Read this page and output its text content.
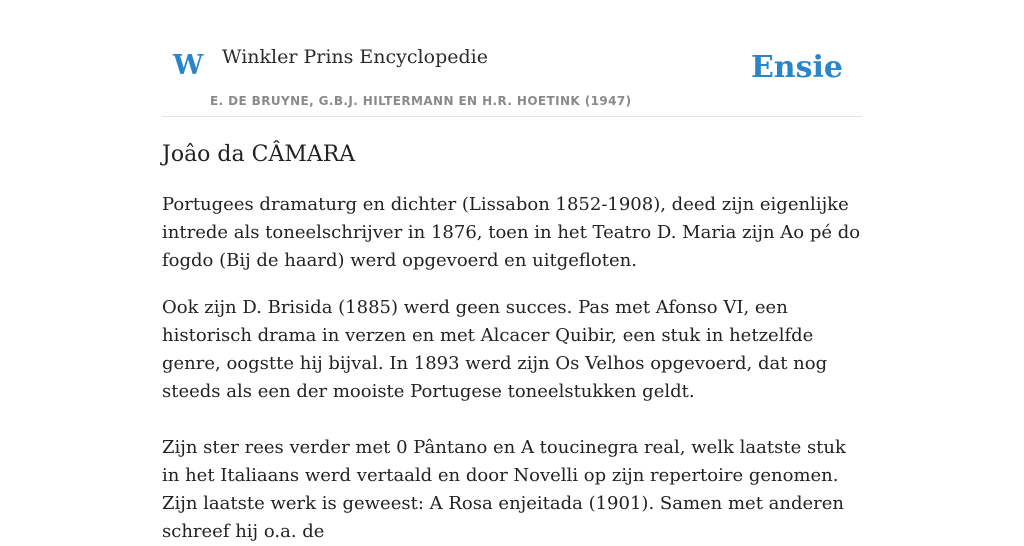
W Winkler Prins Encyclopedie
E. DE BRUYNE, G.B.J. HILTERMANN EN H.R. HOETINK (1947)
Ensie
Joâo da CÂMARA

Portugees dramaturg en dichter (Lissabon 1852-1908), deed zijn eigenlijke intrede als toneelschrijver in 1876, toen in het Teatro D. Maria zijn Ao pé do fogdo (Bij de haard) werd opgevoerd en uitgefloten.

Ook zijn D. Brisida (1885) werd geen succes. Pas met Afonso VI, een historisch drama in verzen en met Alcacer Quibir, een stuk in hetzelfde genre, oogstte hij bijval. In 1893 werd zijn Os Velhos opgevoerd, dat nog steeds als een der mooiste Portugese toneelstukken geldt.

Zijn ster rees verder met 0 Pântano en A toucinegra real, welk laatste stuk in het Italiaans werd vertaald en door Novelli op zijn repertoire genomen. Zijn laatste werk is geweest: A Rosa enjeitada (1901). Samen met anderen schreef hij o.a. de
